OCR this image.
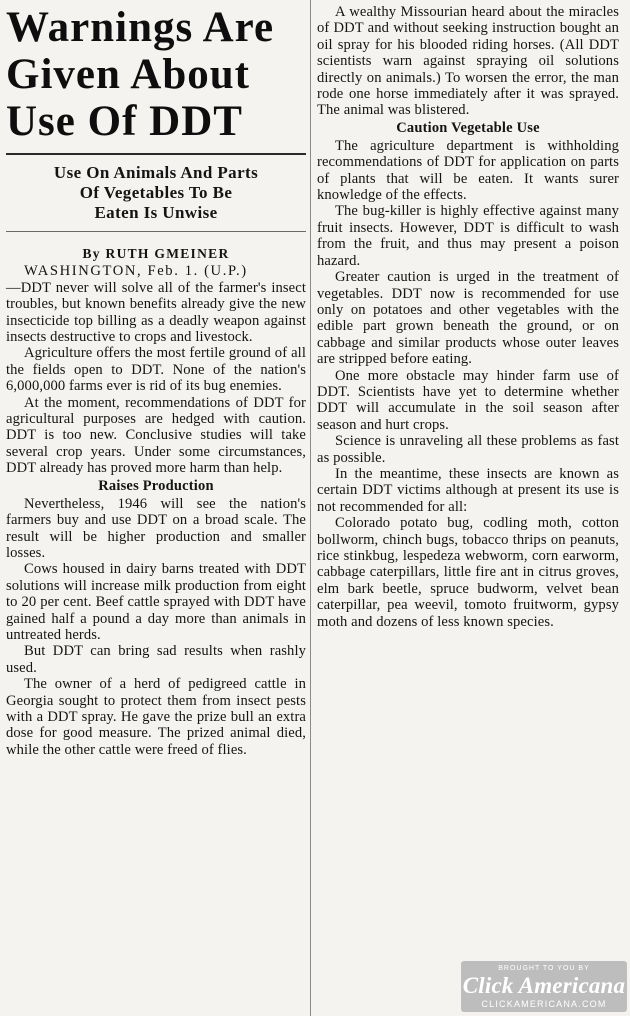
Warnings Are
Given About
Use Of DDT
Use On Animals And Parts
Of Vegetables To Be
Eaten Is Unwise
By RUTH GMEINER

WASHINGTON, Feb. 1. (U.P.)
—DDT never will solve all of the farmer's insect troubles, but known benefits already give the new insecticide top billing as a deadly weapon against insects destructive to crops and livestock.

Agriculture offers the most fertile ground of all the fields open to DDT. None of the nation's 6,000,000 farms ever is rid of its bug enemies.

At the moment, recommendations of DDT for agricultural purposes are hedged with caution. DDT is too new. Conclusive studies will take several crop years. Under some circumstances, DDT already has proved more harm than help.

Raises Production

Nevertheless, 1946 will see the nation's farmers buy and use DDT on a broad scale. The result will be higher production and smaller losses.

Cows housed in dairy barns treated with DDT solutions will increase milk production from eight to 20 per cent. Beef cattle sprayed with DDT have gained half a pound a day more than animals in untreated herds.

But DDT can bring sad results when rashly used.

The owner of a herd of pedigreed cattle in Georgia sought to protect them from insect pests with a DDT spray. He gave the prize bull an extra dose for good measure. The prized animal died, while the other cattle were freed of flies.

A wealthy Missourian heard about the miracles of DDT and without seeking instruction bought an oil spray for his blooded riding horses. (All DDT scientists warn against spraying oil solutions directly on animals.) To worsen the error, the man rode one horse immediately after it was sprayed. The animal was blistered.

Caution Vegetable Use

The agriculture department is withholding recommendations of DDT for application on parts of plants that will be eaten. It wants surer knowledge of the effects.

The bug-killer is highly effective against many fruit insects. However, DDT is difficult to wash from the fruit, and thus may present a poison hazard.

Greater caution is urged in the treatment of vegetables. DDT now is recommended for use only on potatoes and other vegetables with the edible part grown beneath the ground, or on cabbage and similar products whose outer leaves are stripped before eating.

One more obstacle may hinder farm use of DDT. Scientists have yet to determine whether DDT will accumulate in the soil season after season and hurt crops.

Science is unraveling all these problems as fast as possible.

In the meantime, these insects are known as certain DDT victims although at present its use is not recommended for all:

Colorado potato bug, codling moth, cotton bollworm, chinch bugs, tobacco thrips on peanuts, rice stinkbug, lespedeza webworm, corn earworm, cabbage caterpillars, little fire ant in citrus groves, elm bark beetle, spruce budworm, velvet bean caterpillar, pea weevil, tomoto fruitworm, gypsy moth and dozens of less known species.

BROUGHT TO YOU BY
Click Americana
CLICKAMERICANA.COM
